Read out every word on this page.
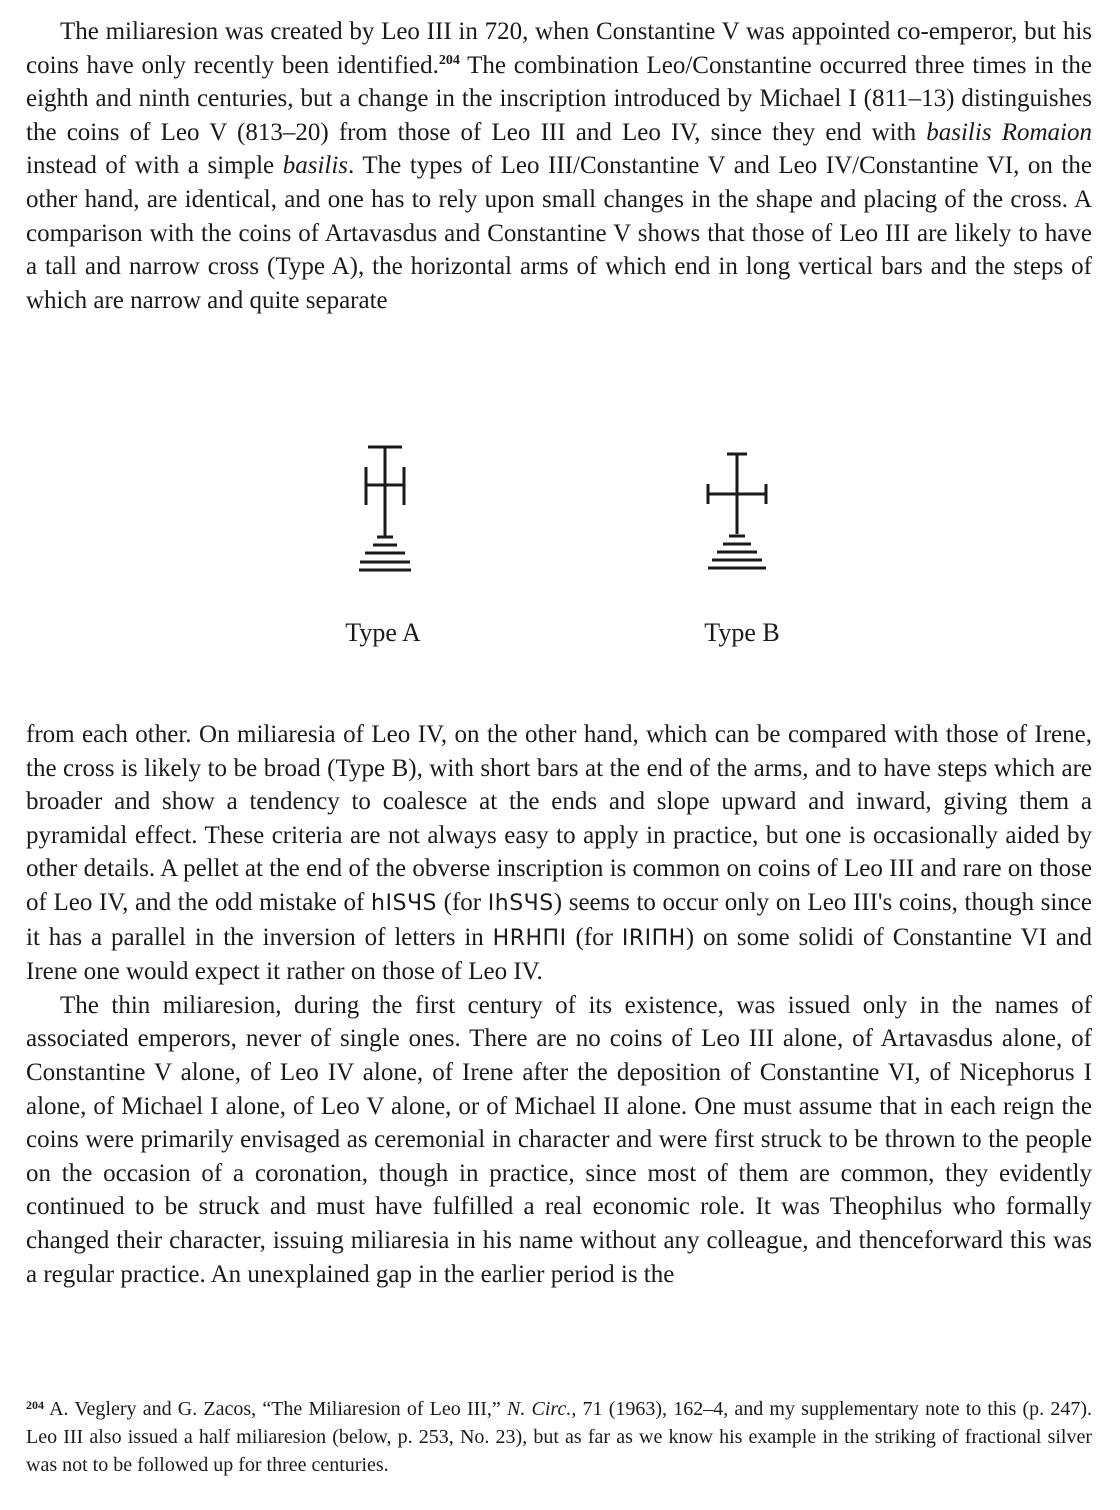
The miliaresion was created by Leo III in 720, when Constantine V was appointed co-emperor, but his coins have only recently been identified.$^{204}$ The combination Leo/Constantine occurred three times in the eighth and ninth centuries, but a change in the inscription introduced by Michael I (811–13) distinguishes the coins of Leo V (813–20) from those of Leo III and Leo IV, since they end with basilis Romaion instead of with a simple basilis. The types of Leo III/Constantine V and Leo IV/Constantine VI, on the other hand, are identical, and one has to rely upon small changes in the shape and placing of the cross. A comparison with the coins of Artavasdus and Constantine V shows that those of Leo III are likely to have a tall and narrow cross (Type A), the horizontal arms of which end in long vertical bars and the steps of which are narrow and quite separate

Type A	Type B

from each other. On miliaresia of Leo IV, on the other hand, which can be compared with those of Irene, the cross is likely to be broad (Type B), with short bars at the end of the arms, and to have steps which are broader and show a tendency to coalesce at the ends and slope upward and inward, giving them a pyramidal effect. These criteria are not always easy to apply in practice, but one is occasionally aided by other details. A pellet at the end of the obverse inscription is common on coins of Leo III and rare on those of Leo IV, and the odd mistake of hISЧS (for IhSЧS) seems to occur only on Leo III's coins, though since it has a parallel in the inversion of letters in HRHΠI (for IRIΠH) on some solidi of Constantine VI and Irene one would expect it rather on those of Leo IV.

The thin miliaresion, during the first century of its existence, was issued only in the names of associated emperors, never of single ones. There are no coins of Leo III alone, of Artavasdus alone, of Constantine V alone, of Leo IV alone, of Irene after the deposition of Constantine VI, of Nicephorus I alone, of Michael I alone, of Leo V alone, or of Michael II alone. One must assume that in each reign the coins were primarily envisaged as ceremonial in character and were first struck to be thrown to the people on the occasion of a coronation, though in practice, since most of them are common, they evidently continued to be struck and must have fulfilled a real economic role. It was Theophilus who formally changed their character, issuing miliaresia in his name without any colleague, and thenceforward this was a regular practice. An unexplained gap in the earlier period is the

$^{204}$ A. Veglery and G. Zacos, “The Miliaresion of Leo III,” N. Circ., 71 (1963), 162–4, and my supplementary note to this (p. 247). Leo III also issued a half miliaresion (below, p. 253, No. 23), but as far as we know his example in the striking of fractional silver was not to be followed up for three centuries.
